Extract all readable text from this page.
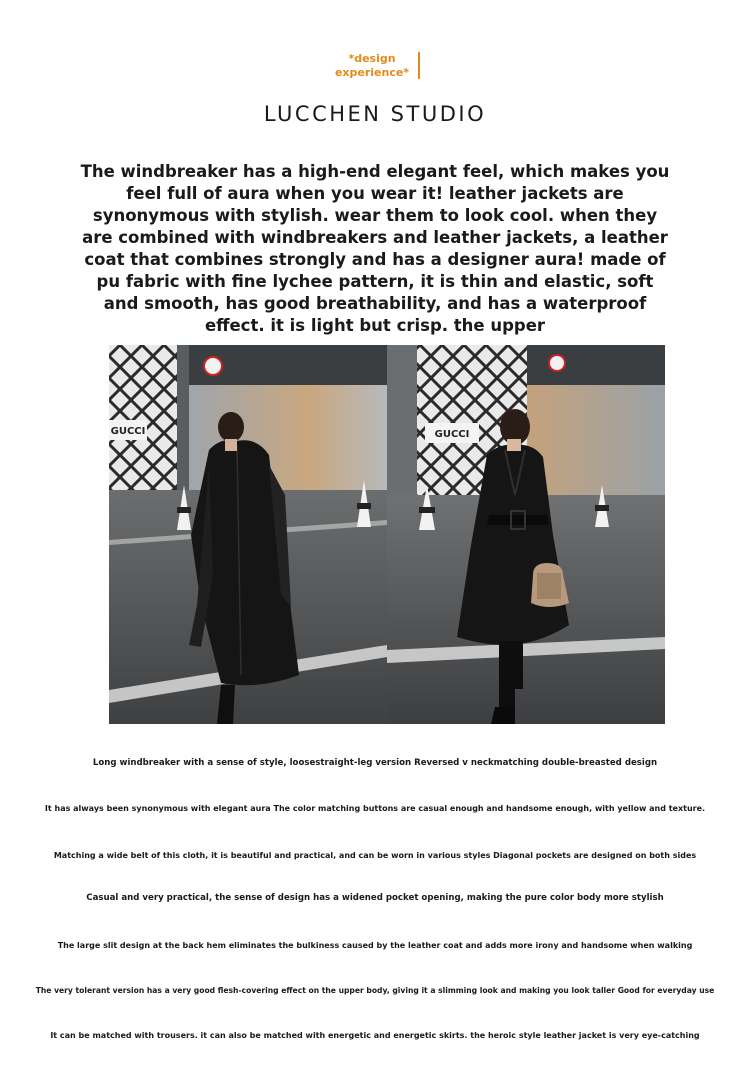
*design
experience*
LUCCHEN STUDIO
The windbreaker has a high-end elegant feel, which makes you feel full of aura when you wear it! leather jackets are synonymous with stylish. wear them to look cool. when they are combined with windbreakers and leather jackets, a leather coat that combines strongly and has a designer aura! made of pu fabric with fine lychee pattern, it is thin and elastic, soft and smooth, has good breathability, and has a waterproof effect. it is light but crisp. the upper
GUCCI	GUCCI
Long windbreaker with a sense of style, loosestraight-leg version Reversed v neckmatching double-breasted design
It has always been synonymous with elegant aura The color matching buttons are casual enough and handsome enough, with yellow and texture.
Matching a wide belt of this cloth, it is beautiful and practical, and can be worn in various styles Diagonal pockets are designed on both sides
Casual and very practical, the sense of design has a widened pocket opening, making the pure color body more stylish
The large slit design at the back hem eliminates the bulkiness caused by the leather coat and adds more irony and handsome when walking
The very tolerant version has a very good flesh-covering effect on the upper body, giving it a slimming look and making you look taller Good for everyday use
It can be matched with trousers. it can also be matched with energetic and energetic skirts. the heroic style leather jacket is very eye-catching
